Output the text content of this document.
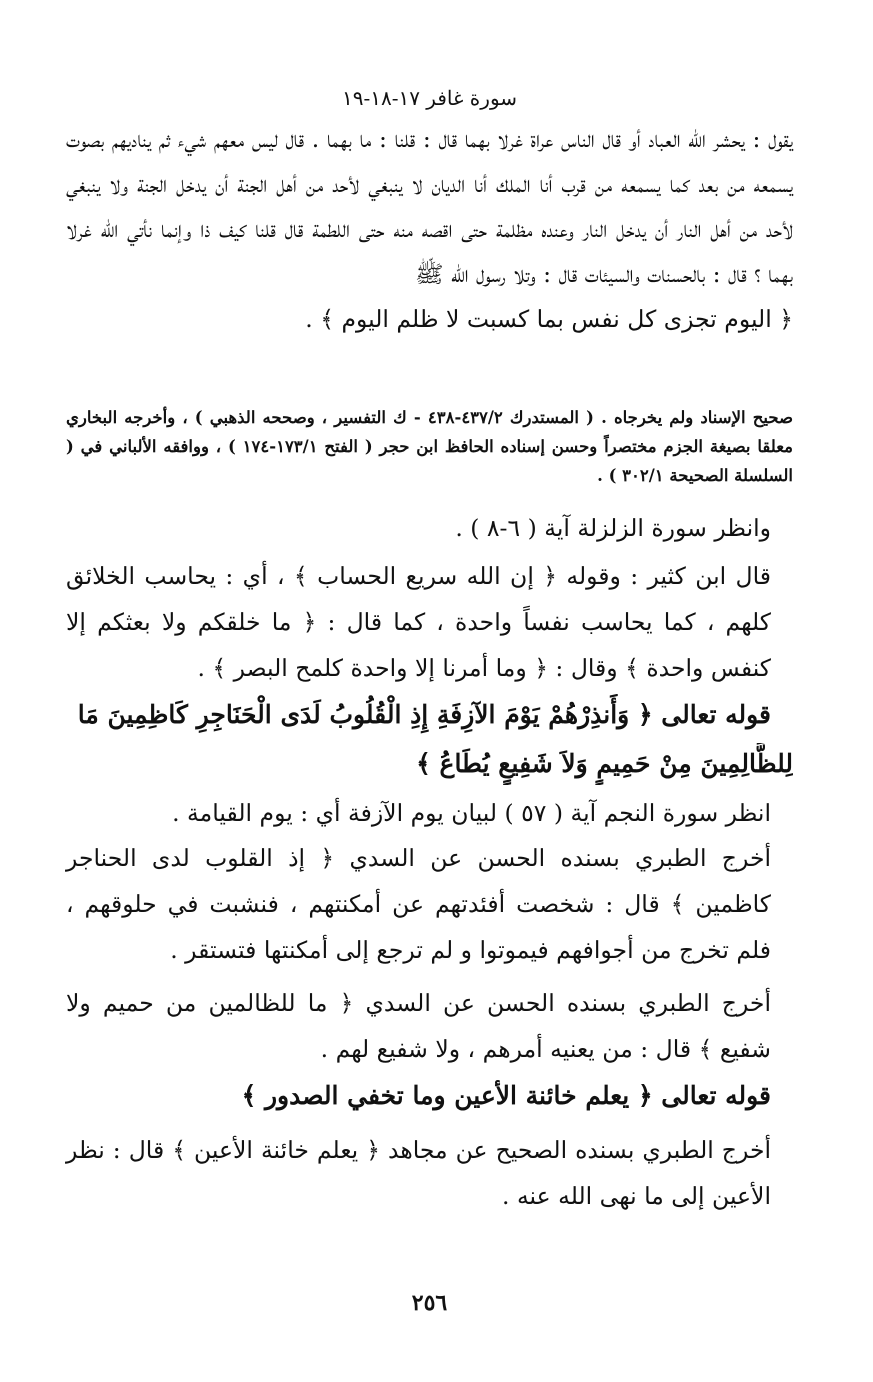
سورة غافر ١٧-١٨-١٩
يقول : يحشر الله العباد أو قال الناس عراة غرلا بهما قال : قلنا : ما بهما . قال ليس معهم شيء ثم يناديهم بصوت يسمعه من بعد كما يسمعه من قرب أنا الملك أنا الديان لا ينبغي لأحد من أهل الجنة أن يدخل الجنة ولا ينبغي لأحد من أهل النار أن يدخل النار وعنده مظلمة حتى اقصه منه حتى اللطمة قال قلنا كيف ذا وإنما نأتي الله غرلا بهما ؟ قال : بالحسنات والسيئات قال : وتلا رسول الله ﷺ
﴿ اليوم تجزى كل نفس بما كسبت لا ظلم اليوم ﴾ .
صحيح الإسناد ولم يخرجاه . ( المستدرك ٤٣٧/٢-٤٣٨ - ك التفسير ، وصححه الذهبي ) ، وأخرجه البخاري معلقا بصيغة الجزم مختصراً وحسن إسناده الحافظ ابن حجر ( الفتح ١٧٣/١-١٧٤ ) ، ووافقه الألباني في ( السلسلة الصحيحة ٣٠٢/١ ) .
وانظر سورة الزلزلة آية ( ٦-٨ ) .
قال ابن كثير : وقوله ﴿ إن الله سريع الحساب ﴾ ، أي : يحاسب الخلائق كلهم ، كما يحاسب نفساً واحدة ، كما قال : ﴿ ما خلقكم ولا بعثكم إلا كنفس واحدة ﴾ وقال : ﴿ وما أمرنا إلا واحدة كلمح البصر ﴾ .
قوله تعالى ﴿ وَأَنذِرْهُمْ يَوْمَ الآزِفَةِ إِذِ الْقُلُوبُ لَدَى الْحَنَاجِرِ كَاظِمِينَ مَا
لِلظَّالِمِينَ مِنْ حَمِيمٍ وَلاَ شَفِيعٍ يُطَاعُ ﴾
انظر سورة النجم آية ( ٥٧ ) لبيان يوم الآزفة أي : يوم القيامة .
أخرج الطبري بسنده الحسن عن السدي ﴿ إذ القلوب لدى الحناجر كاظمين ﴾ قال : شخصت أفئدتهم عن أمكنتهم ، فنشبت في حلوقهم ، فلم تخرج من أجوافهم فيموتوا و لم ترجع إلى أمكنتها فتستقر .
أخرج الطبري بسنده الحسن عن السدي ﴿ ما للظالمين من حميم ولا شفيع ﴾ قال : من يعنيه أمرهم ، ولا شفيع لهم .
قوله تعالى ﴿ يعلم خائنة الأعين وما تخفي الصدور ﴾
أخرج الطبري بسنده الصحيح عن مجاهد ﴿ يعلم خائنة الأعين ﴾ قال : نظر الأعين إلى ما نهى الله عنه .
٢٥٦
